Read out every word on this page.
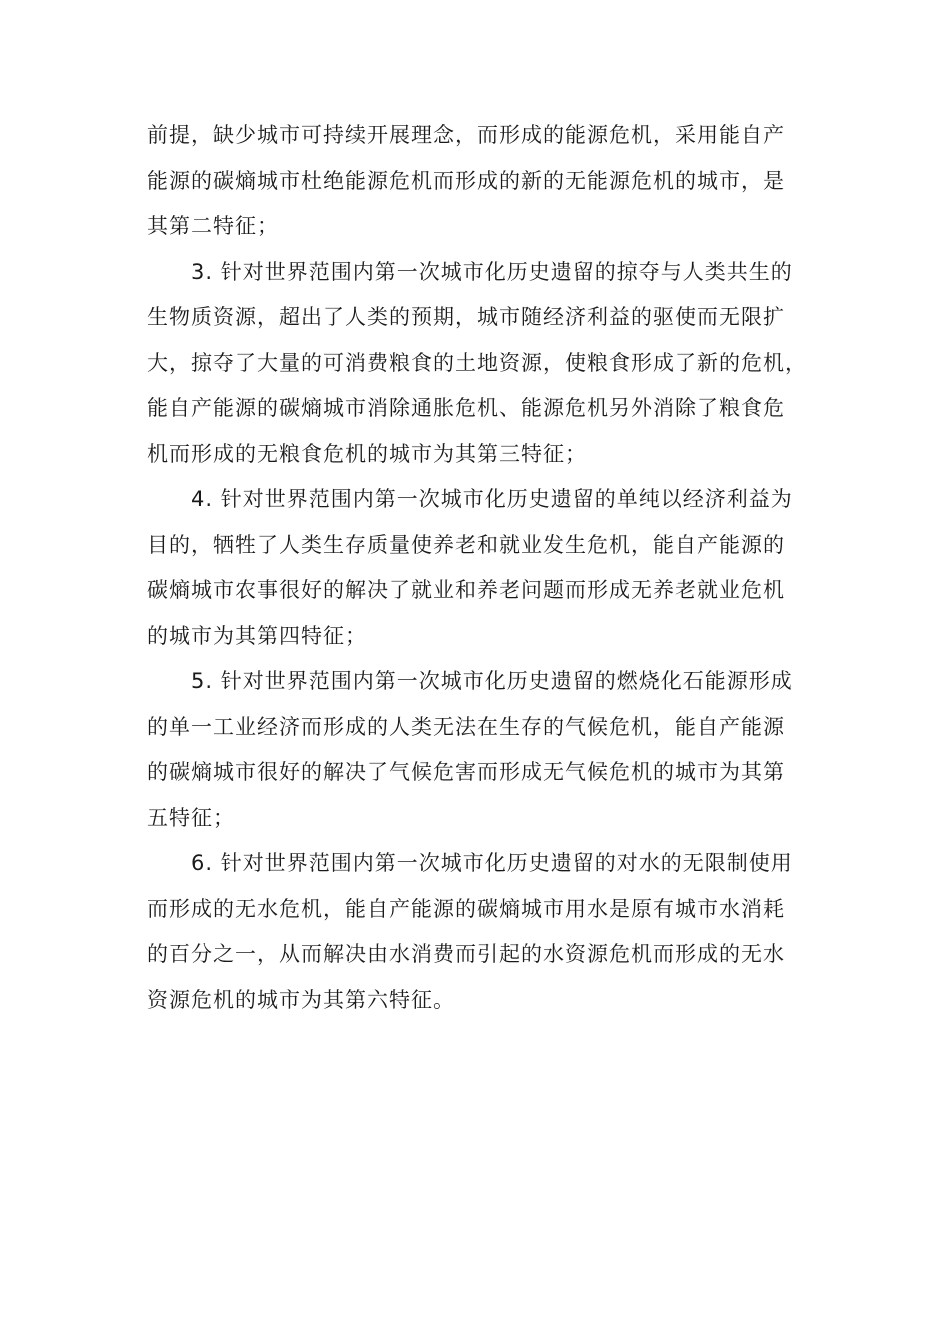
前提，缺少城市可持续开展理念，而形成的能源危机，采用能自产
能源的碳熵城市杜绝能源危机而形成的新的无能源危机的城市，是
其第二特征；
　　3. 针对世界范围内第一次城市化历史遗留的掠夺与人类共生的
生物质资源，超出了人类的预期，城市随经济利益的驱使而无限扩
大，掠夺了大量的可消费粮食的土地资源，使粮食形成了新的危机，
能自产能源的碳熵城市消除通胀危机、能源危机另外消除了粮食危
机而形成的无粮食危机的城市为其第三特征；
　　4. 针对世界范围内第一次城市化历史遗留的单纯以经济利益为
目的，牺牲了人类生存质量使养老和就业发生危机，能自产能源的
碳熵城市农事很好的解决了就业和养老问题而形成无养老就业危机
的城市为其第四特征；
　　5. 针对世界范围内第一次城市化历史遗留的燃烧化石能源形成
的单一工业经济而形成的人类无法在生存的气候危机，能自产能源
的碳熵城市很好的解决了气候危害而形成无气候危机的城市为其第
五特征；
　　6. 针对世界范围内第一次城市化历史遗留的对水的无限制使用
而形成的无水危机，能自产能源的碳熵城市用水是原有城市水消耗
的百分之一，从而解决由水消费而引起的水资源危机而形成的无水
资源危机的城市为其第六特征。
